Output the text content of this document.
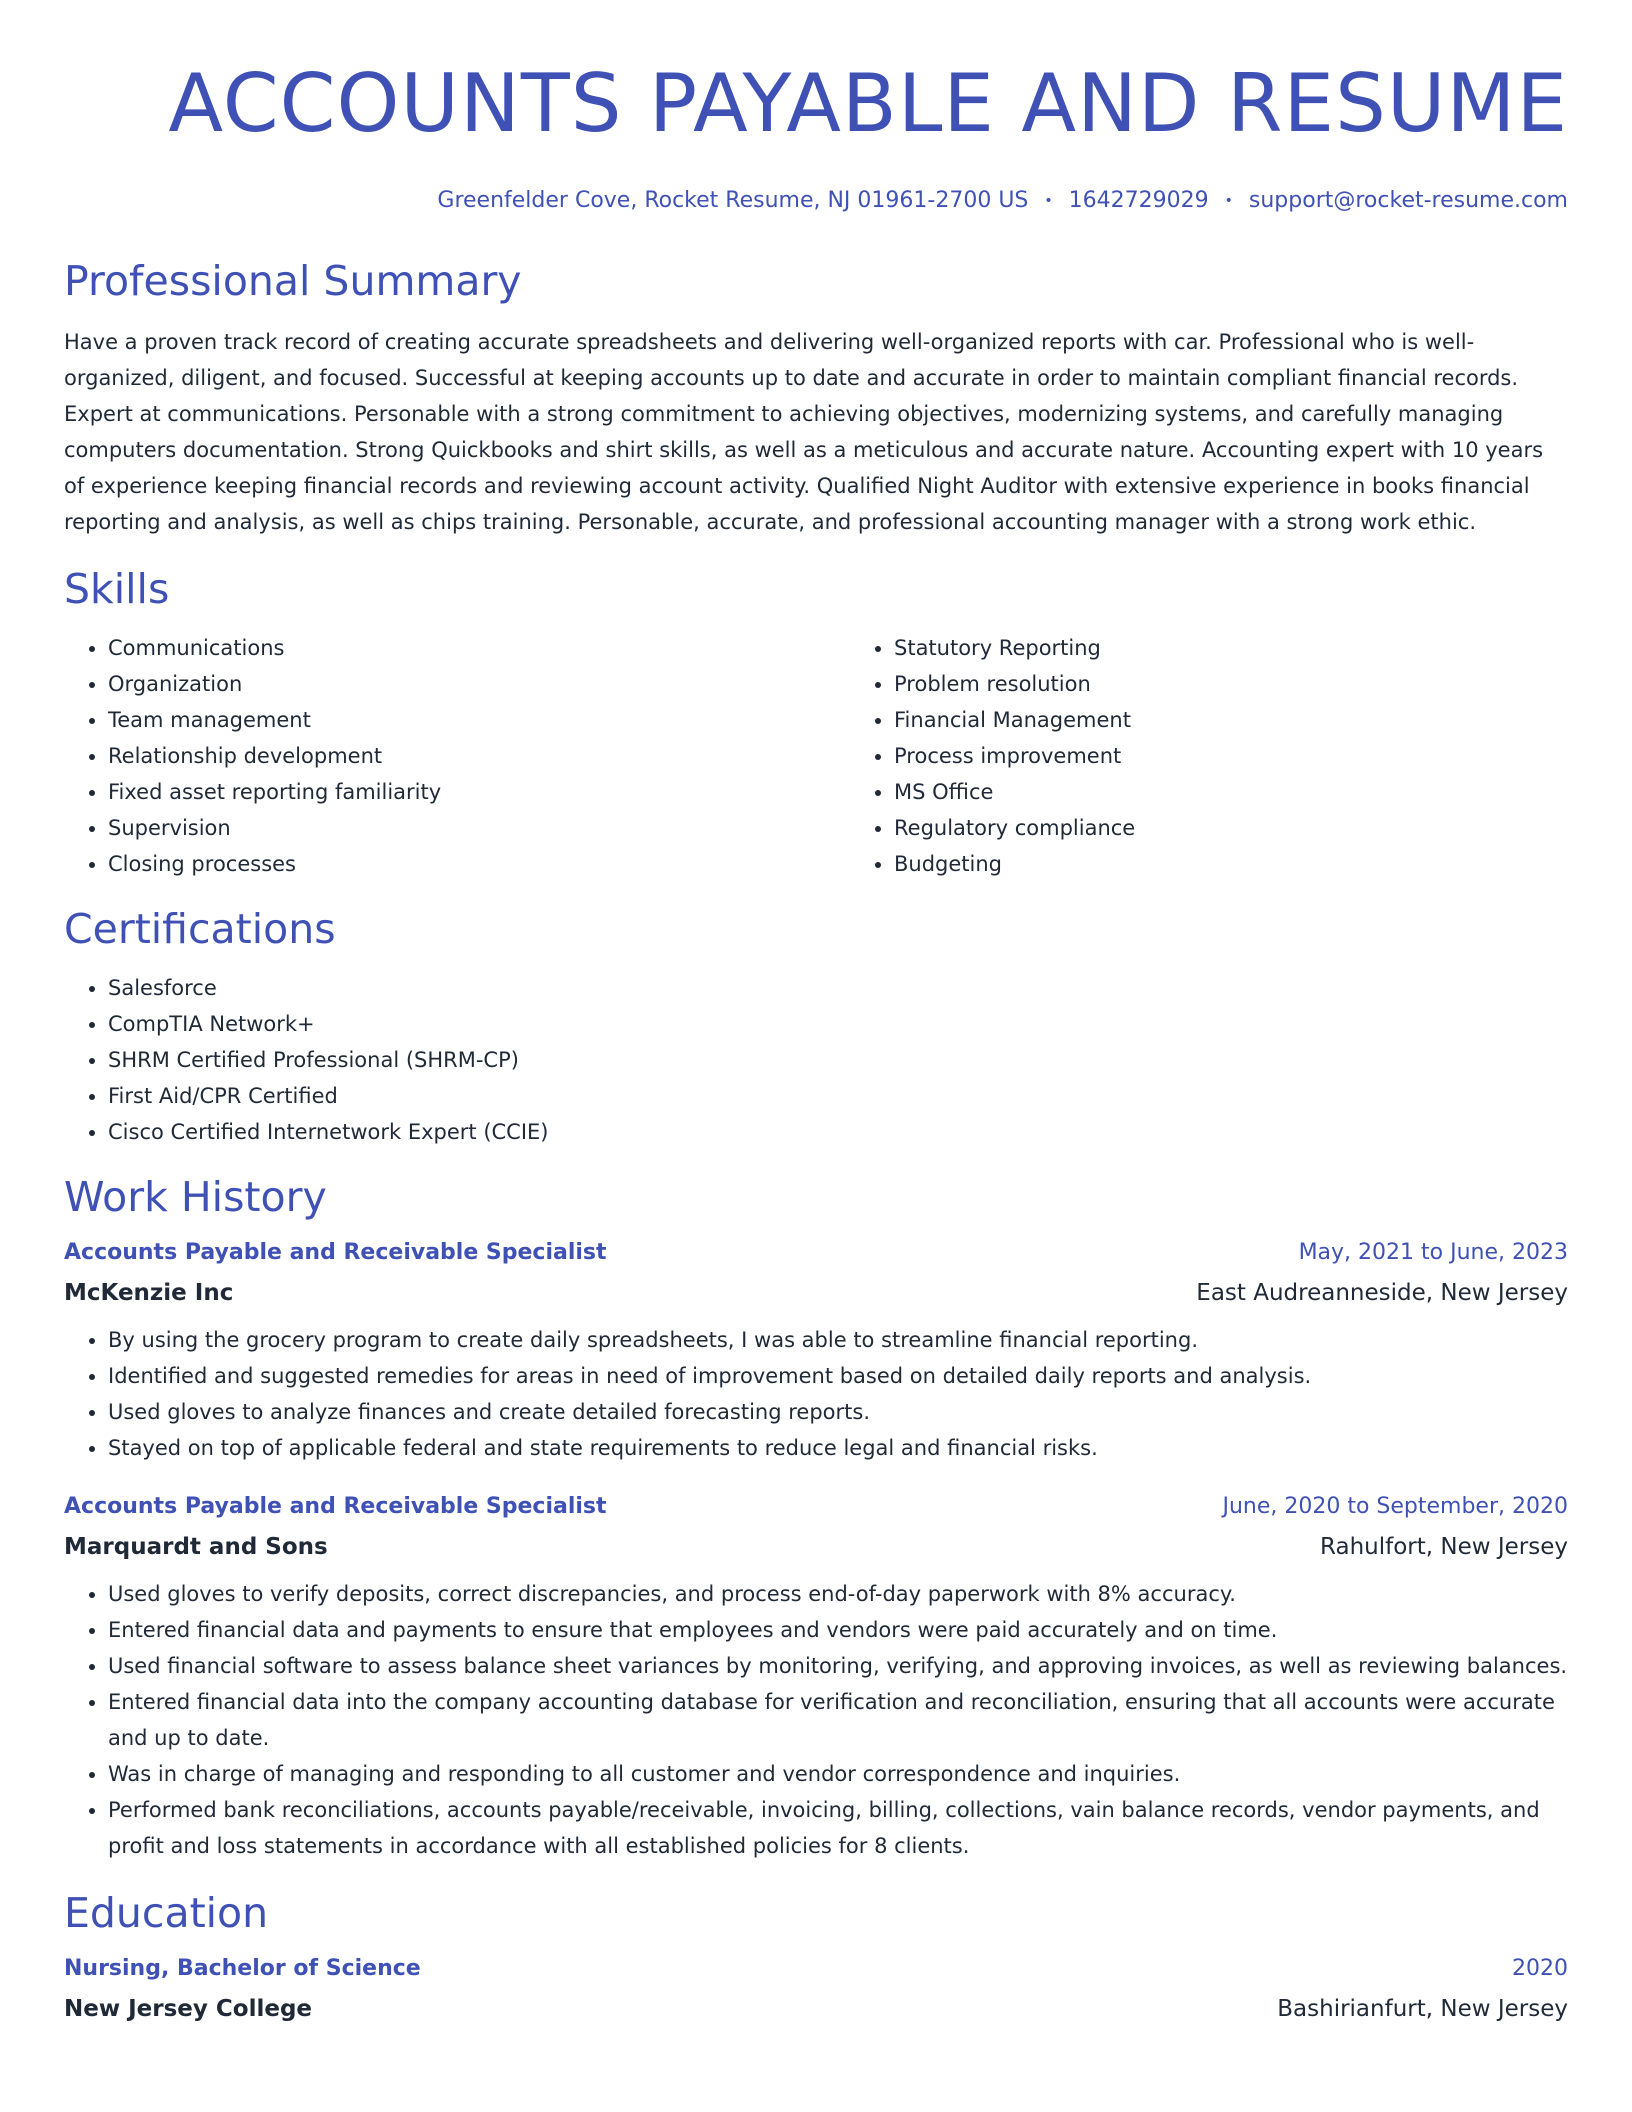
ACCOUNTS PAYABLE AND RESUME
Greenfelder Cove, Rocket Resume, NJ 01961-2700 US • 1642729029 • support@rocket-resume.com
Professional Summary
Have a proven track record of creating accurate spreadsheets and delivering well-organized reports with car. Professional who is well-organized, diligent, and focused. Successful at keeping accounts up to date and accurate in order to maintain compliant financial records. Expert at communications. Personable with a strong commitment to achieving objectives, modernizing systems, and carefully managing computers documentation. Strong Quickbooks and shirt skills, as well as a meticulous and accurate nature. Accounting expert with 10 years of experience keeping financial records and reviewing account activity. Qualified Night Auditor with extensive experience in books financial reporting and analysis, as well as chips training. Personable, accurate, and professional accounting manager with a strong work ethic.
Skills
• Communications
• Organization
• Team management
• Relationship development
• Fixed asset reporting familiarity
• Supervision
• Closing processes
• Statutory Reporting
• Problem resolution
• Financial Management
• Process improvement
• MS Office
• Regulatory compliance
• Budgeting
Certifications
• Salesforce
• CompTIA Network+
• SHRM Certified Professional (SHRM-CP)
• First Aid/CPR Certified
• Cisco Certified Internetwork Expert (CCIE)
Work History
Accounts Payable and Receivable Specialist	May, 2021 to June, 2023
McKenzie Inc	East Audreanneside, New Jersey
• By using the grocery program to create daily spreadsheets, I was able to streamline financial reporting.
• Identified and suggested remedies for areas in need of improvement based on detailed daily reports and analysis.
• Used gloves to analyze finances and create detailed forecasting reports.
• Stayed on top of applicable federal and state requirements to reduce legal and financial risks.
Accounts Payable and Receivable Specialist	June, 2020 to September, 2020
Marquardt and Sons	Rahulfort, New Jersey
• Used gloves to verify deposits, correct discrepancies, and process end-of-day paperwork with 8% accuracy.
• Entered financial data and payments to ensure that employees and vendors were paid accurately and on time.
• Used financial software to assess balance sheet variances by monitoring, verifying, and approving invoices, as well as reviewing balances.
• Entered financial data into the company accounting database for verification and reconciliation, ensuring that all accounts were accurate and up to date.
• Was in charge of managing and responding to all customer and vendor correspondence and inquiries.
• Performed bank reconciliations, accounts payable/receivable, invoicing, billing, collections, vain balance records, vendor payments, and profit and loss statements in accordance with all established policies for 8 clients.
Education
Nursing, Bachelor of Science	2020
New Jersey College	Bashirianfurt, New Jersey
